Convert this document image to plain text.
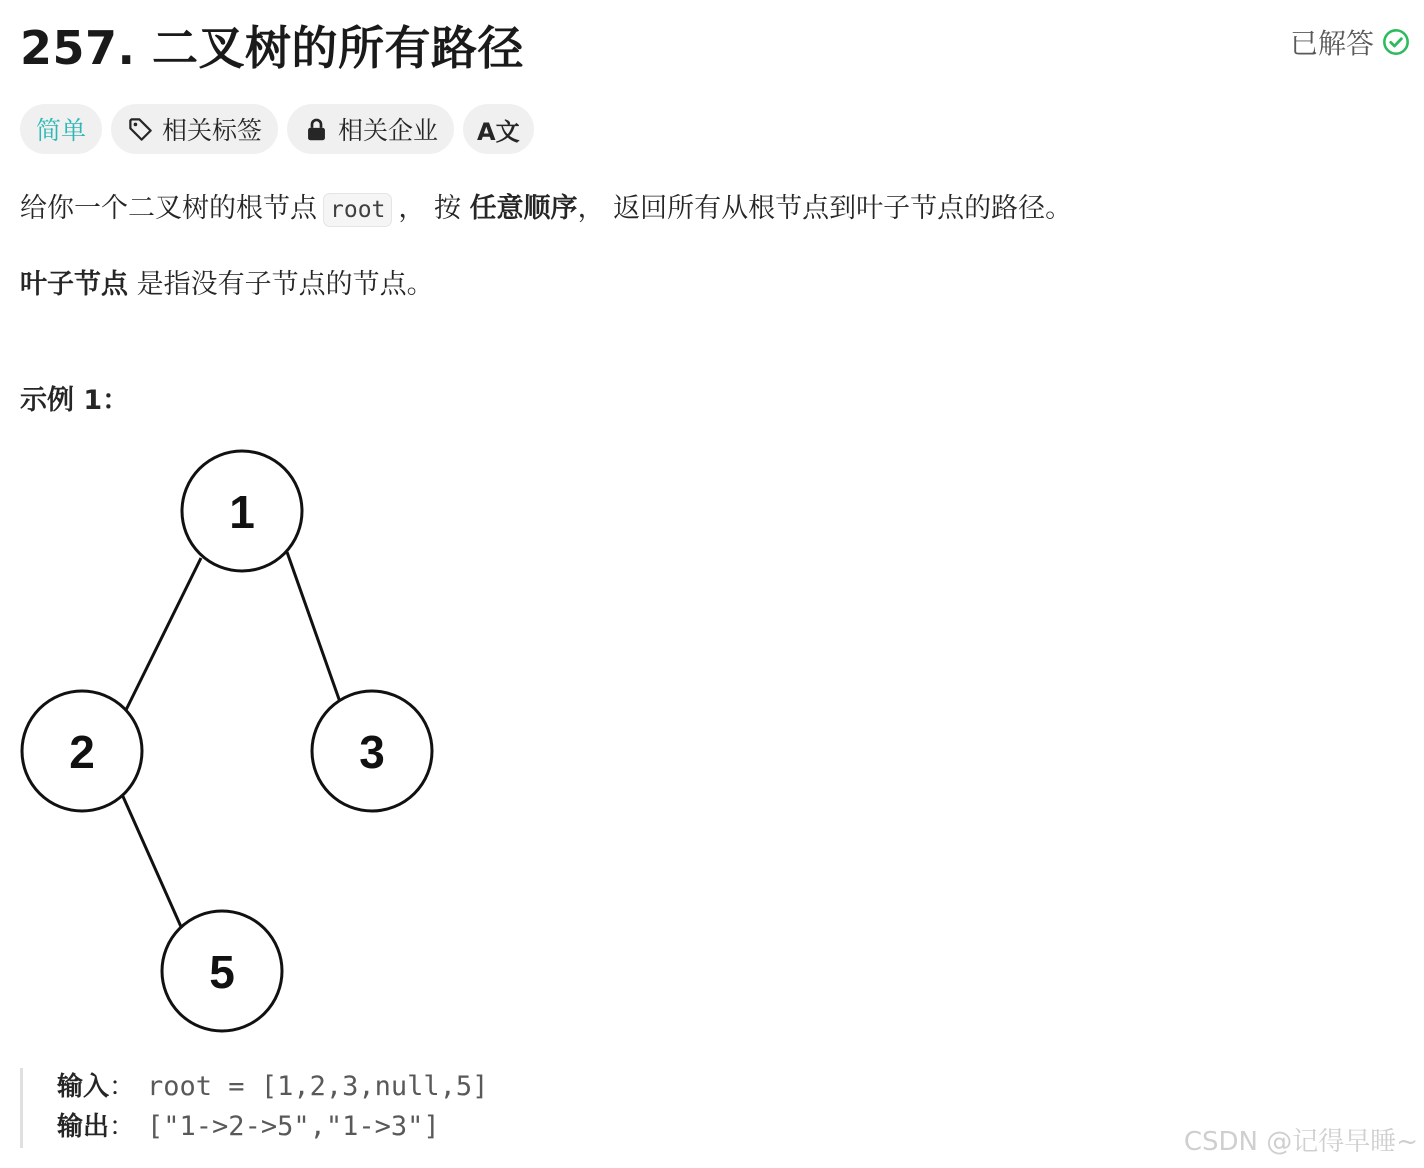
257. 二叉树的所有路径	已解答
简单	相关标签	相关企业 A文
给你一个二叉树的根节点 root ， 按 任意顺序， 返回所有从根节点到叶子节点的路径。
叶子节点 是指没有子节点的节点。
示例 1：
1
2	3
5
输入： root = [1,2,3,null,5]
输出： ["1->2->5","1->3"]	CSDN @记得早睡~
